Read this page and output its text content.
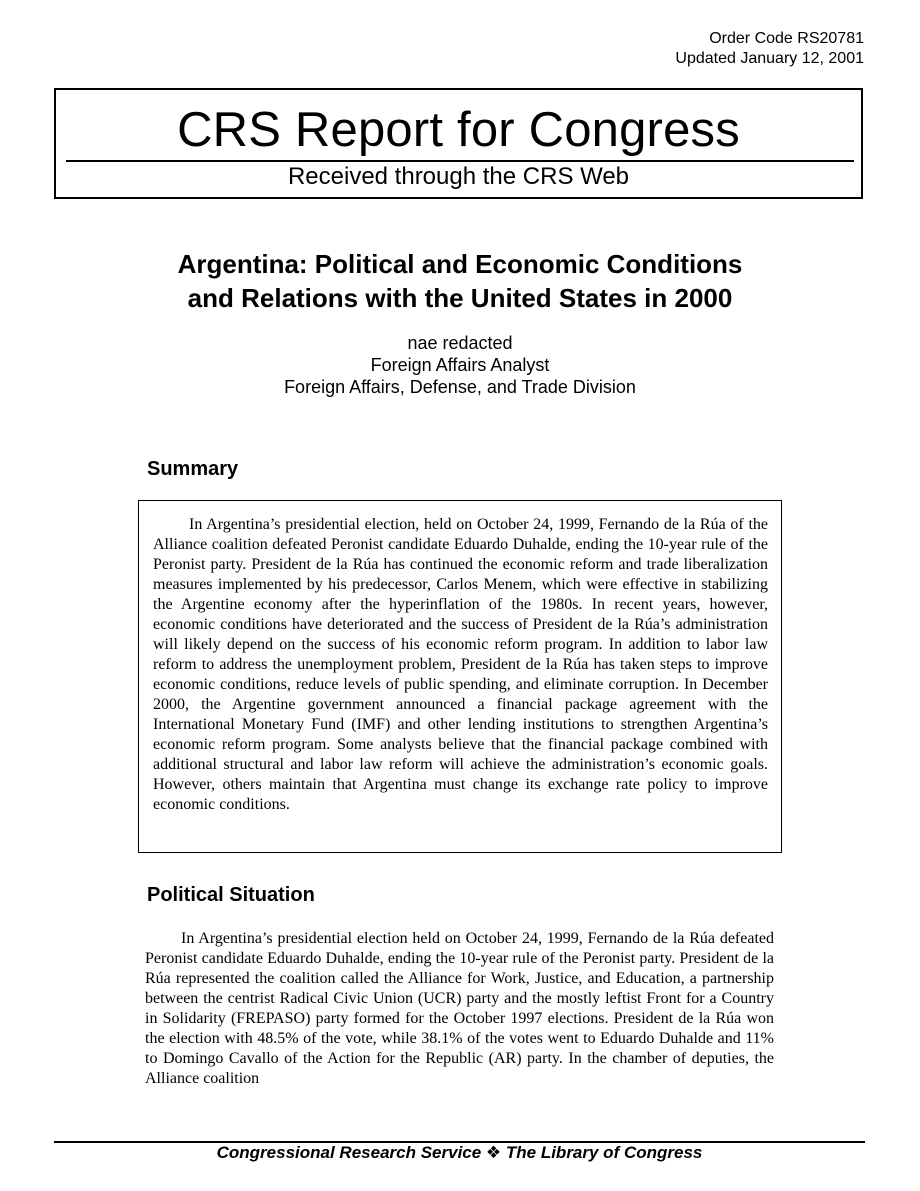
Order Code RS20781
Updated January 12, 2001
CRS Report for Congress
Received through the CRS Web
Argentina: Political and Economic Conditions
and Relations with the United States in 2000
nae redacted
Foreign Affairs Analyst
Foreign Affairs, Defense, and Trade Division
Summary

In Argentina’s presidential election, held on October 24, 1999, Fernando de la Rúa of the Alliance coalition defeated Peronist candidate Eduardo Duhalde, ending the 10-year rule of the Peronist party. President de la Rúa has continued the economic reform and trade liberalization measures implemented by his predecessor, Carlos Menem, which were effective in stabilizing the Argentine economy after the hyperinflation of the 1980s. In recent years, however, economic conditions have deteriorated and the success of President de la Rúa’s administration will likely depend on the success of his economic reform program. In addition to labor law reform to address the unemployment problem, President de la Rúa has taken steps to improve economic conditions, reduce levels of public spending, and eliminate corruption. In December 2000, the Argentine government announced a financial package agreement with the International Monetary Fund (IMF) and other lending institutions to strengthen Argentina’s economic reform program. Some analysts believe that the financial package combined with additional structural and labor law reform will achieve the administration’s economic goals. However, others maintain that Argentina must change its exchange rate policy to improve economic conditions.

Political Situation

In Argentina’s presidential election held on October 24, 1999, Fernando de la Rúa defeated Peronist candidate Eduardo Duhalde, ending the 10-year rule of the Peronist party. President de la Rúa represented the coalition called the Alliance for Work, Justice, and Education, a partnership between the centrist Radical Civic Union (UCR) party and the mostly leftist Front for a Country in Solidarity (FREPASO) party formed for the October 1997 elections. President de la Rúa won the election with 48.5% of the vote, while 38.1% of the votes went to Eduardo Duhalde and 11% to Domingo Cavallo of the Action for the Republic (AR) party. In the chamber of deputies, the Alliance coalition

Congressional Research Service ❖ The Library of Congress
